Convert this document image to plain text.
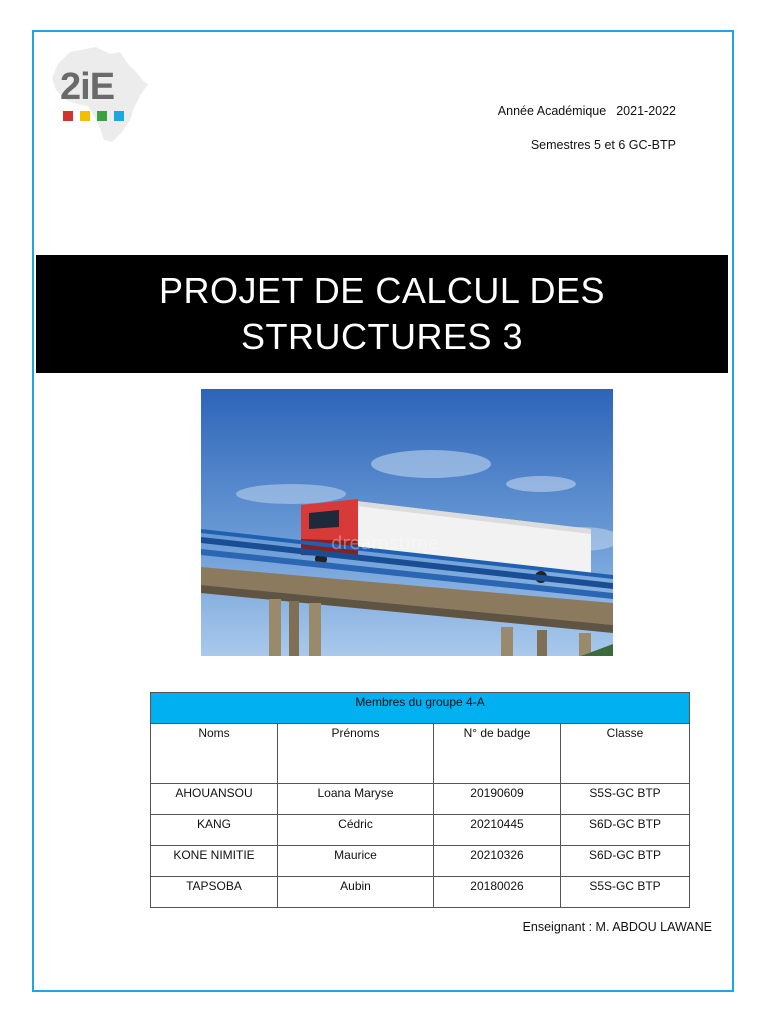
2iE
Année Académique 2021-2022
Semestres 5 et 6 GC-BTP
PROJET DE CALCUL DES STRUCTURES 3
dreamstime
Membres du groupe 4-A			
Noms	Prénoms	N° de badge	Classe
AHOUANSOU	Loana Maryse	20190609	S5S-GC BTP
KANG	Cédric	20210445	S6D-GC BTP
KONE NIMITIE	Maurice	20210326	S6D-GC BTP
TAPSOBA	Aubin	20180026	S5S-GC BTP
Enseignant : M. ABDOU LAWANE
